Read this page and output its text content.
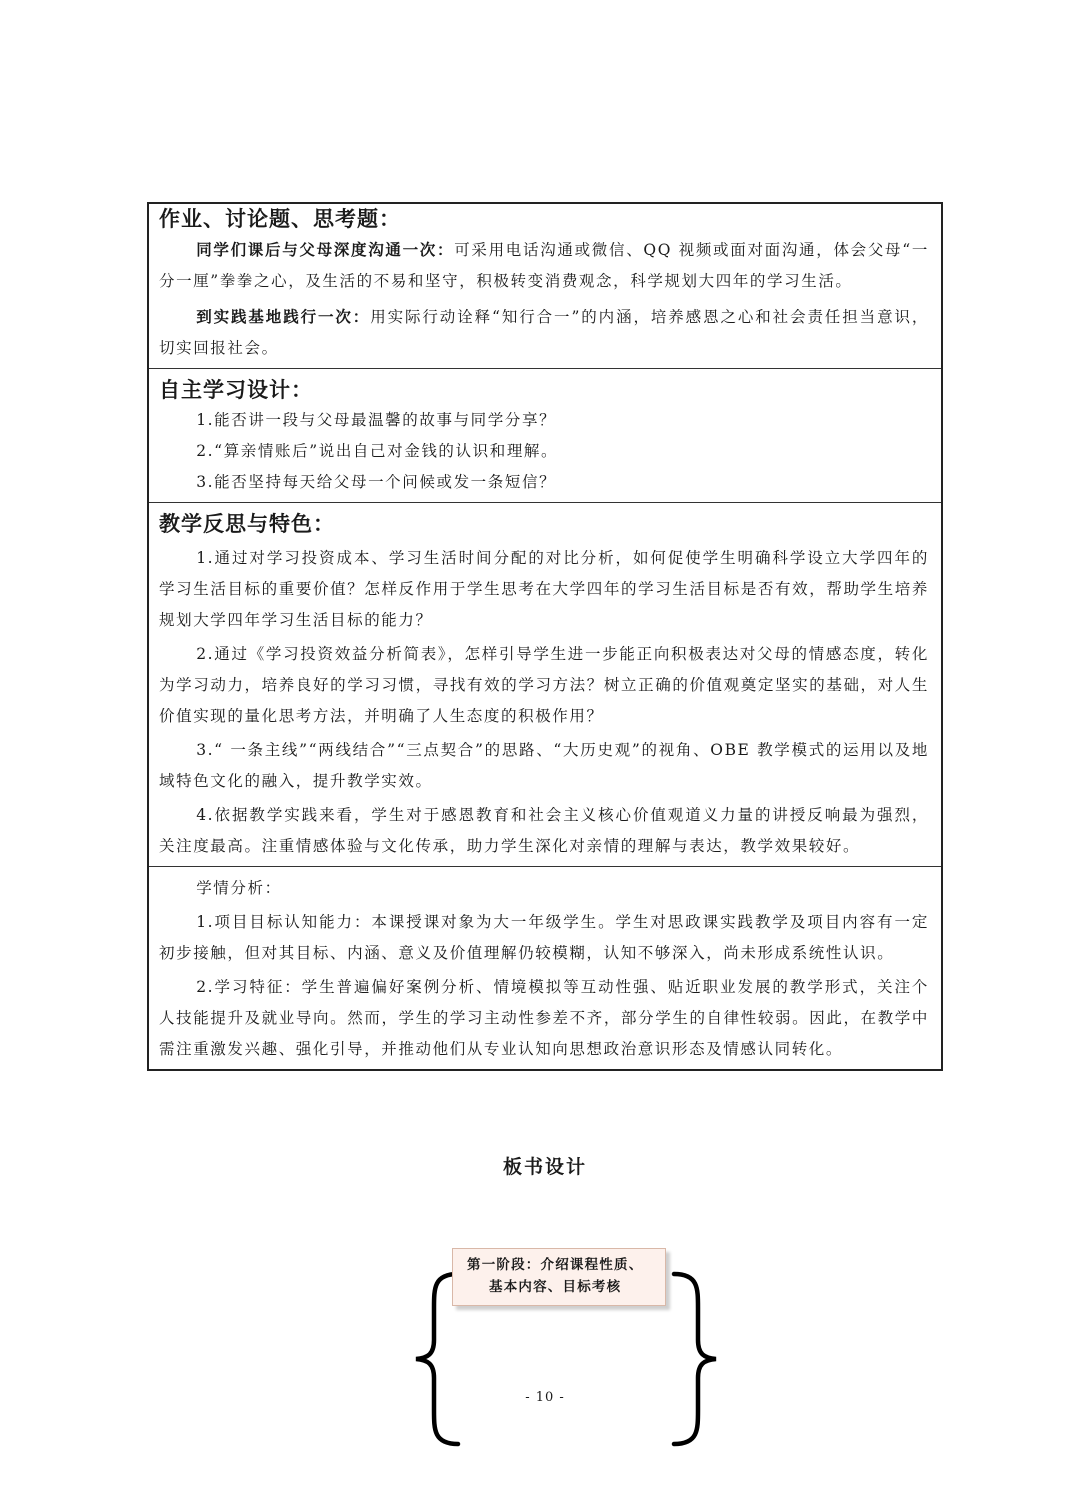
作业、讨论题、思考题：

同学们课后与父母深度沟通一次：可采用电话沟通或微信、QQ 视频或面对面沟通，体会父母“一分一厘”拳拳之心，及生活的不易和坚守，积极转变消费观念，科学规划大四年的学习生活。

到实践基地践行一次：用实际行动诠释“知行合一”的内涵，培养感恩之心和社会责任担当意识，切实回报社会。

自主学习设计：

1.能否讲一段与父母最温馨的故事与同学分享？

2.“算亲情账后”说出自己对金钱的认识和理解。

3.能否坚持每天给父母一个问候或发一条短信？

教学反思与特色：

1.通过对学习投资成本、学习生活时间分配的对比分析，如何促使学生明确科学设立大学四年的学习生活目标的重要价值？怎样反作用于学生思考在大学四年的学习生活目标是否有效，帮助学生培养规划大学四年学习生活目标的能力？

2.通过《学习投资效益分析简表》，怎样引导学生进一步能正向积极表达对父母的情感态度，转化为学习动力，培养良好的学习习惯，寻找有效的学习方法？树立正确的价值观奠定坚实的基础，对人生价值实现的量化思考方法，并明确了人生态度的积极作用？

3.“ 一条主线”“两线结合”“三点契合”的思路、“大历史观”的视角、OBE 教学模式的运用以及地域特色文化的融入，提升教学实效。

4.依据教学实践来看，学生对于感恩教育和社会主义核心价值观道义力量的讲授反响最为强烈，关注度最高。注重情感体验与文化传承，助力学生深化对亲情的理解与表达，教学效果较好。

学情分析：

1.项目目标认知能力：本课授课对象为大一年级学生。学生对思政课实践教学及项目内容有一定初步接触，但对其目标、内涵、意义及价值理解仍较模糊，认知不够深入，尚未形成系统性认识。

2.学习特征：学生普遍偏好案例分析、情境模拟等互动性强、贴近职业发展的教学形式，关注个人技能提升及就业导向。然而，学生的学习主动性参差不齐，部分学生的自律性较弱。因此，在教学中需注重激发兴趣、强化引导，并推动他们从专业认知向思想政治意识形态及情感认同转化。

板书设计
第一阶段：介绍课程性质、
基本内容、目标考核
- 10 -
